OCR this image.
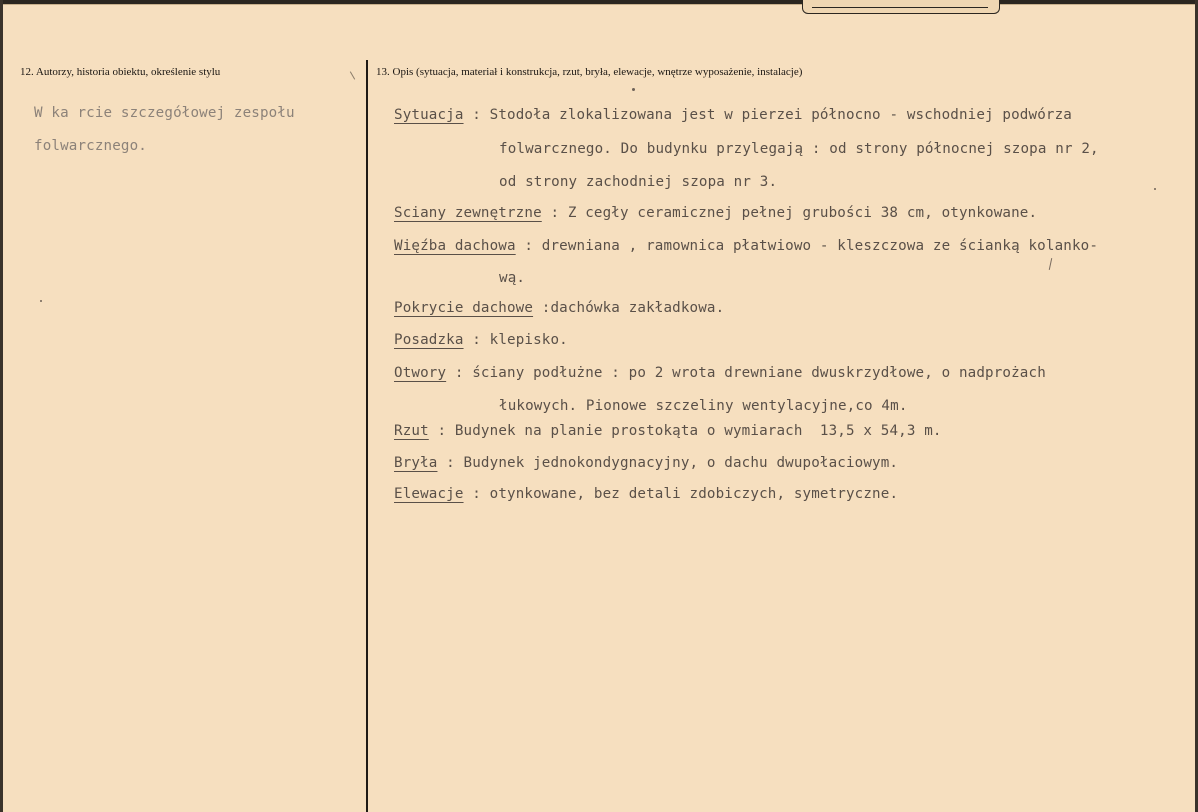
12. Autorzy, historia obiektu, określenie stylu	13. Opis (sytuacja, materiał i konstrukcja, rzut, bryła, elewacje, wnętrze wyposażenie, instalacje)
W ka rcie szczegółowej zespołu
folwarcznego.
Sytuacja : Stodoła zlokalizowana jest w pierzei północno - wschodniej podwórza
folwarcznego. Do budynku przylegają : od strony północnej szopa nr 2,
od strony zachodniej szopa nr 3.
Sciany zewnętrzne : Z cegły ceramicznej pełnej grubości 38 cm, otynkowane.
Więźba dachowa : drewniana , ramownica płatwiowo - kleszczowa ze ścianką kolanko-
wą.
Pokrycie dachowe :dachówka zakładkowa.
Posadzka : klepisko.
Otwory : ściany podłużne : po 2 wrota drewniane dwuskrzydłowe, o nadprożach
łukowych. Pionowe szczeliny wentylacyjne,co 4m.
Rzut : Budynek na planie prostokąta o wymiarach  13,5 x 54,3 m.
Bryła : Budynek jednokondygnacyjny, o dachu dwupołaciowym.
Elewacje : otynkowane, bez detali zdobiczych, symetryczne.
